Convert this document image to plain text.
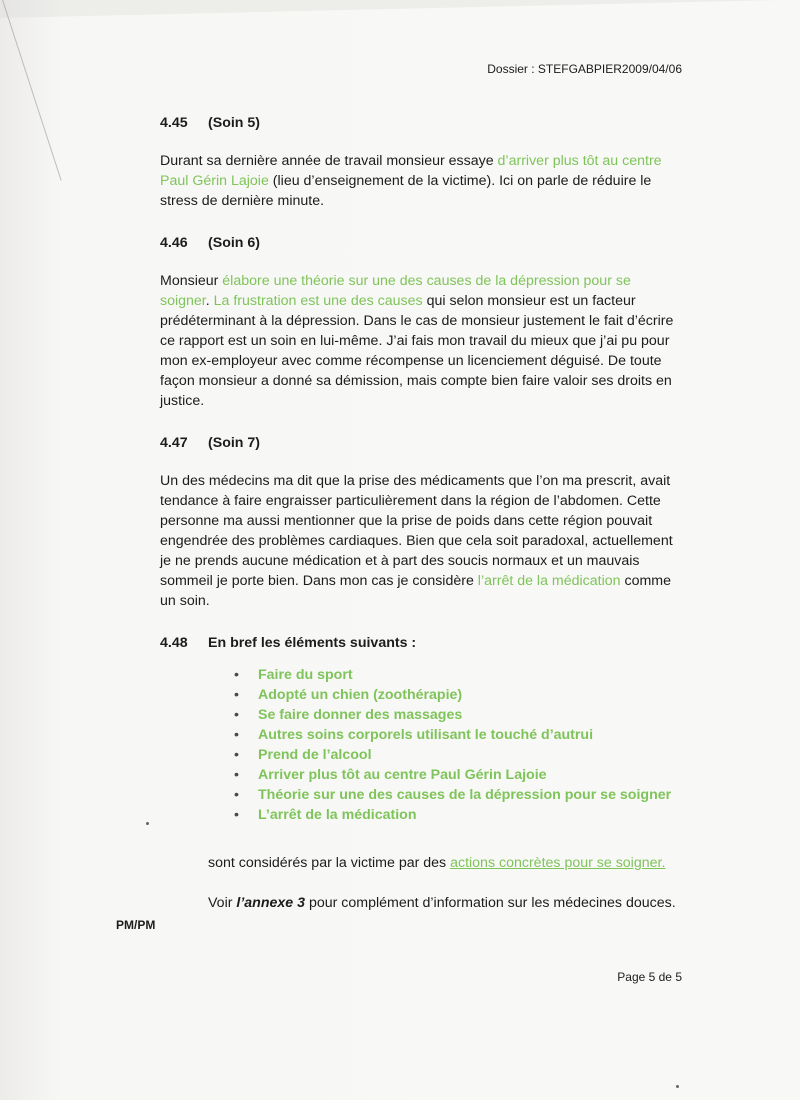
Dossier : STEFGABPIER2009/04/06
4.45 (Soin 5)

Durant sa dernière année de travail monsieur essaye d’arriver plus tôt au centre Paul Gérin Lajoie (lieu d’enseignement de la victime). Ici on parle de réduire le stress de dernière minute.

4.46 (Soin 6)

Monsieur élabore une théorie sur une des causes de la dépression pour se soigner. La frustration est une des causes qui selon monsieur est un facteur prédéterminant à la dépression. Dans le cas de monsieur justement le fait d’écrire ce rapport est un soin en lui-même. J’ai fais mon travail du mieux que j’ai pu pour mon ex-employeur avec comme récompense un licenciement déguisé. De toute façon monsieur a donné sa démission, mais compte bien faire valoir ses droits en justice.

4.47 (Soin 7)

Un des médecins ma dit que la prise des médicaments que l’on ma prescrit, avait tendance à faire engraisser particulièrement dans la région de l’abdomen. Cette personne ma aussi mentionner que la prise de poids dans cette région pouvait engendrée des problèmes cardiaques. Bien que cela soit paradoxal, actuellement je ne prends aucune médication et à part des soucis normaux et un mauvais sommeil je porte bien. Dans mon cas je considère l’arrêt de la médication comme un soin.

4.48 En bref les éléments suivants :
• Faire du sport
• Adopté un chien (zoothérapie)
• Se faire donner des massages
• Autres soins corporels utilisant le touché d’autrui
• Prend de l’alcool
• Arriver plus tôt au centre Paul Gérin Lajoie
• Théorie sur une des causes de la dépression pour se soigner
• L’arrêt de la médication
sont considérés par la victime par des actions concrètes pour se soigner.
Voir l’annexe 3 pour complément d’information sur les médecines douces.
PM/PM
Page 5 de 5
